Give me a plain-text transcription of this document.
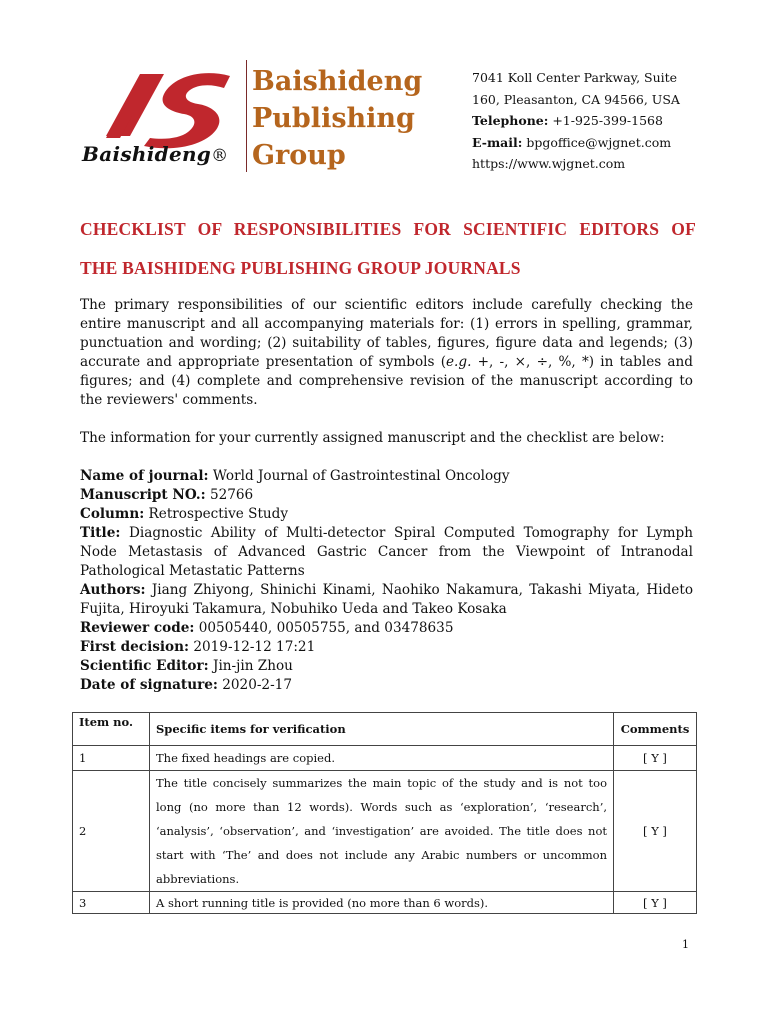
Baishideng®
Baishideng
Publishing
Group
7041 Koll Center Parkway, Suite
160, Pleasanton, CA 94566, USA
Telephone: +1-925-399-1568
E-mail: bpgoffice@wjgnet.com
https://www.wjgnet.com
CHECKLIST OF RESPONSIBILITIES FOR SCIENTIFIC EDITORS OF
THE BAISHIDENG PUBLISHING GROUP JOURNALS
The primary responsibilities of our scientific editors include carefully checking the entire manuscript and all accompanying materials for: (1) errors in spelling, grammar, punctuation and wording; (2) suitability of tables, figures, figure data and legends; (3) accurate and appropriate presentation of symbols (e.g. +, -, ×, ÷, %, *) in tables and figures; and (4) complete and comprehensive revision of the manuscript according to the reviewers' comments.
The information for your currently assigned manuscript and the checklist are below:
Name of journal: World Journal of Gastrointestinal Oncology
Manuscript NO.: 52766
Column: Retrospective Study
Title: Diagnostic Ability of Multi-detector Spiral Computed Tomography for Lymph Node Metastasis of Advanced Gastric Cancer from the Viewpoint of Intranodal Pathological Metastatic Patterns
Authors: Jiang Zhiyong, Shinichi Kinami, Naohiko Nakamura, Takashi Miyata, Hideto Fujita, Hiroyuki Takamura, Nobuhiko Ueda and Takeo Kosaka
Reviewer code: 00505440, 00505755, and 03478635
First decision: 2019-12-12 17:21
Scientific Editor: Jin-jin Zhou
Date of signature: 2020-2-17
Item no.	Specific items for verification	Comments
1	The fixed headings are copied.	[ Y ]
2	The title concisely summarizes the main topic of the study and is not too long (no more than 12 words). Words such as ‘exploration’, ‘research’, ‘analysis’, ‘observation’, and ‘investigation’ are avoided. The title does not start with ‘The’ and does not include any Arabic numbers or uncommon abbreviations.	[ Y ]
3	A short running title is provided (no more than 6 words).	[ Y ]
1
